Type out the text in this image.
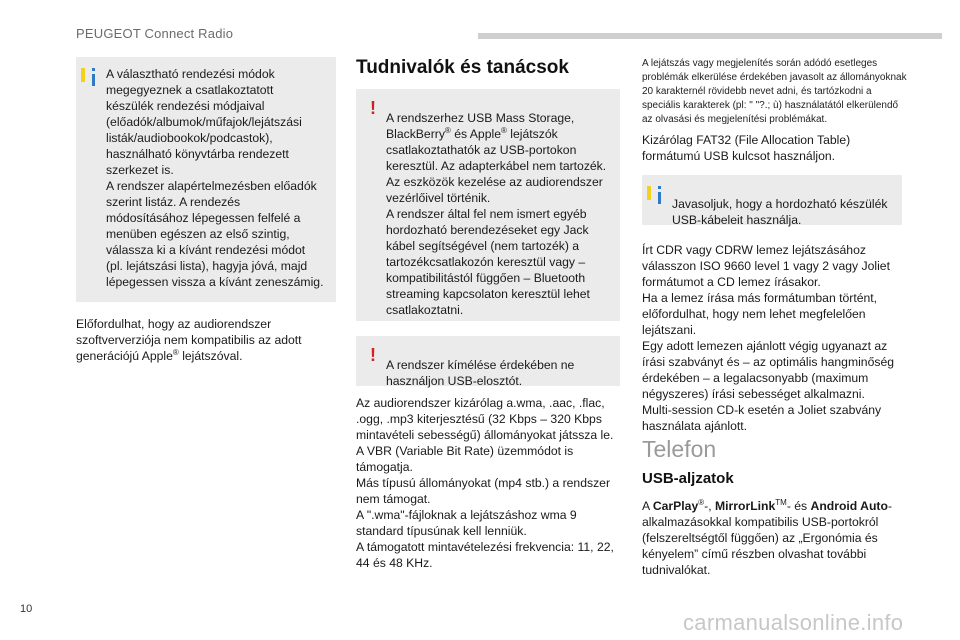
PEUGEOT Connect Radio

A választható rendezési módok megegyeznek a csatlakoztatott készülék rendezési módjaival (előadók/albumok/műfajok/lejátszási listák/audiobookok/podcastok), használható könyvtárba rendezett szerkezet is.
A rendszer alapértelmezésben előadók szerint listáz. A rendezés módosításához lépegessen felfelé a menüben egészen az első szintig, válassza ki a kívánt rendezési módot (pl. lejátszási lista), hagyja jóvá, majd lépegessen vissza a kívánt zeneszámig.

Előfordulhat, hogy az audiorendszer szoftververziója nem kompatibilis az adott generációjú Apple® lejátszóval.

Tudnivalók és tanácsok
!

A rendszerhez USB Mass Storage, BlackBerry® és Apple® lejátszók csatlakoztathatók az USB-portokon keresztül. Az adapterkábel nem tartozék.
Az eszközök kezelése az audiorendszer vezérlőivel történik.
A rendszer által fel nem ismert egyéb hordozható berendezéseket egy Jack kábel segítségével (nem tartozék) a tartozékcsatlakozón keresztül vagy – kompatibilitástól függően – Bluetooth streaming kapcsolaton keresztül lehet csatlakoztatni.

!

A rendszer kímélése érdekében ne használjon USB-elosztót.

Az audiorendszer kizárólag a.wma, .aac, .flac, .ogg, .mp3 kiterjesztésű (32 Kbps – 320 Kbps mintavételi sebességű) állományokat játssza le.
A VBR (Variable Bit Rate) üzemmódot is támogatja.
Más típusú állományokat (mp4 stb.) a rendszer nem támogat.
A ".wma"-fájloknak a lejátszáshoz wma 9 standard típusúnak kell lenniük.
A támogatott mintavételezési frekvencia: 11, 22, 44 és 48 KHz.

A lejátszás vagy megjelenítés során adódó esetleges problémák elkerülése érdekében javasolt az állományoknak 20 karakternél rövidebb nevet adni, és tartózkodni a speciális karakterek (pl: " "?.; ù) használatától elkerülendő az olvasási és megjelenítési problémákat.

Kizárólag FAT32 (File Allocation Table) formátumú USB kulcsot használjon.

Javasoljuk, hogy a hordozható készülék USB-kábeleit használja.

Írt CDR vagy CDRW lemez lejátszásához válasszon ISO 9660 level 1 vagy 2 vagy Joliet formátumot a CD lemez írásakor.
Ha a lemez írása más formátumban történt, előfordulhat, hogy nem lehet megfelelően lejátszani.
Egy adott lemezen ajánlott végig ugyanazt az írási szabványt és – az optimális hangminőség érdekében – a legalacsonyabb (maximum négyszeres) írási sebességet alkalmazni.
Multi-session CD-k esetén a Joliet szabvány használata ajánlott.

Telefon
USB-aljzatok

A CarPlay®-, MirrorLink™- és Android Auto-alkalmazásokkal kompatibilis USB-portokról (felszereltségtől függően) az „Ergonómia és kényelem” című részben olvashat további tudnivalókat.

10
carmanualsonline.info
